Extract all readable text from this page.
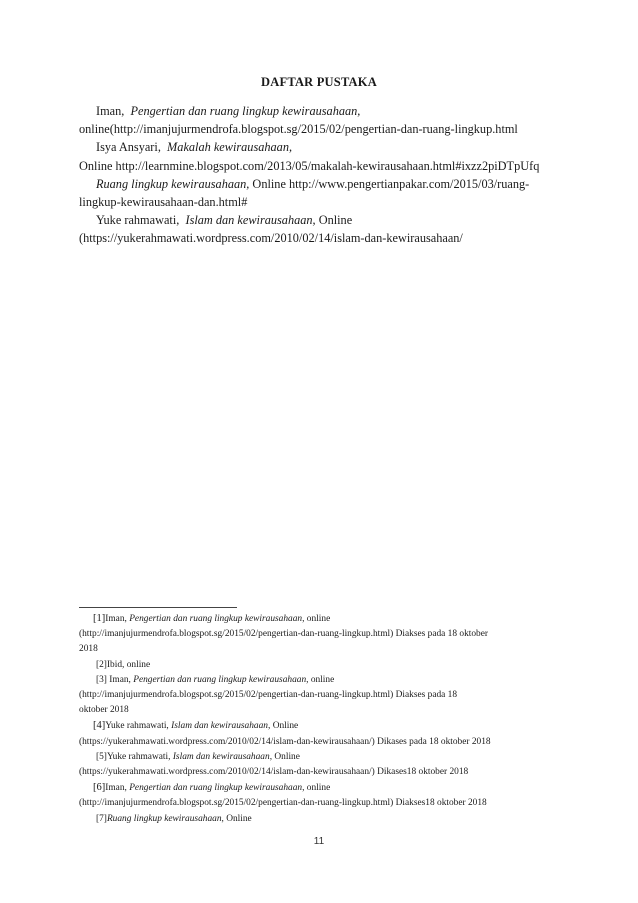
DAFTAR PUSTAKA
Iman, Pengertian dan ruang lingkup kewirausahaan,
online(http://imanjujurmendrofa.blogspot.sg/2015/02/pengertian-dan-ruang-lingkup.html
Isya Ansyari, Makalah kewirausahaan,
Online http://learnmine.blogspot.com/2013/05/makalah-kewirausahaan.html#ixzz2piDTpUfq
Ruang lingkup kewirausahaan, Online http://www.pengertianpakar.com/2015/03/ruang-
lingkup-kewirausahaan-dan.html#
Yuke rahmawati, Islam dan kewirausahaan, Online
(https://yukerahmawati.wordpress.com/2010/02/14/islam-dan-kewirausahaan/
[1]Iman, Pengertian dan ruang lingkup kewirausahaan, online
(http://imanjujurmendrofa.blogspot.sg/2015/02/pengertian-dan-ruang-lingkup.html) Diakses pada 18 oktober
2018
[2]Ibid, online
[3] Iman, Pengertian dan ruang lingkup kewirausahaan, online
(http://imanjujurmendrofa.blogspot.sg/2015/02/pengertian-dan-ruang-lingkup.html) Diakses pada 18
oktober 2018
[4]Yuke rahmawati, Islam dan kewirausahaan, Online
(https://yukerahmawati.wordpress.com/2010/02/14/islam-dan-kewirausahaan/) Dikases pada 18 oktober 2018
[5]Yuke rahmawati, Islam dan kewirausahaan, Online
(https://yukerahmawati.wordpress.com/2010/02/14/islam-dan-kewirausahaan/) Dikases18 oktober 2018
[6]Iman, Pengertian dan ruang lingkup kewirausahaan, online
(http://imanjujurmendrofa.blogspot.sg/2015/02/pengertian-dan-ruang-lingkup.html) Diakses18 oktober 2018
[7]Ruang lingkup kewirausahaan, Online
11
